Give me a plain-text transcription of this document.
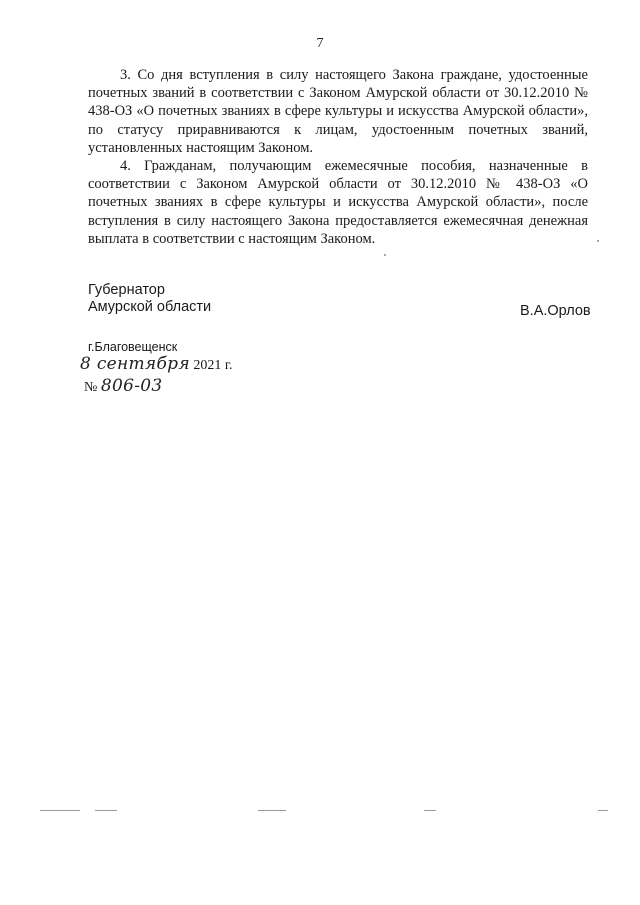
7

3. Со дня вступления в силу настоящего Закона граждане, удостоенные почетных званий в соответствии с Законом Амурской области от 30.12.2010 № 438-ОЗ «О почетных званиях в сфере культуры и искусства Амурской области», по статусу приравниваются к лицам, удостоенным почетных званий, установленных настоящим Законом.

4. Гражданам, получающим ежемесячные пособия, назначенные в соответствии с Законом Амурской области от 30.12.2010 № 438-ОЗ «О почетных званиях в сфере культуры и искусства Амурской области», после вступления в силу настоящего Закона предоставляется ежемесячная денежная выплата в соответствии с настоящим Законом.

Губернатор
Амурской области	В.А.Орлов
г.Благовещенск
8 сентября 2021 г.
№ 806-03
